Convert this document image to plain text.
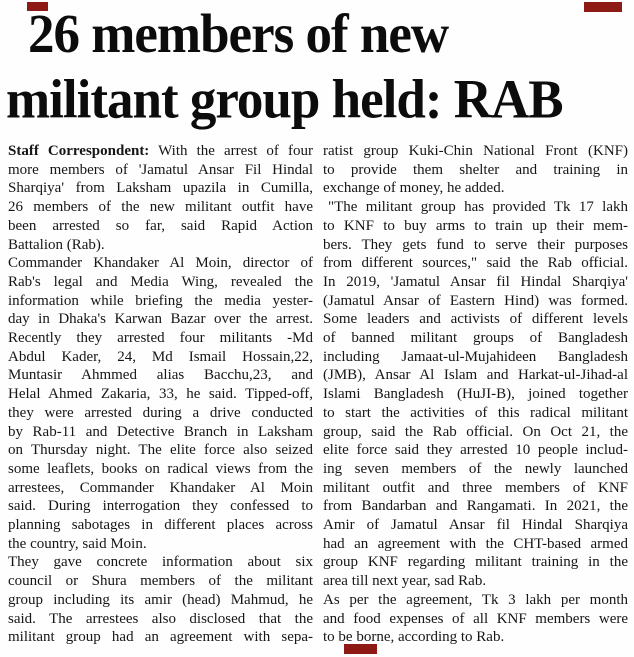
26 members of new
militant group held: RAB
Staff Correspondent: With the arrest of four
more members of 'Jamatul Ansar Fil Hindal
Sharqiya' from Laksham upazila in Cumilla,
26 members of the new militant outfit have
been arrested so far, said Rapid Action
Battalion (Rab).
Commander Khandaker Al Moin, director of
Rab's legal and Media Wing, revealed the
information while briefing the media yester-
day in Dhaka's Karwan Bazar over the arrest.
Recently they arrested four militants -Md
Abdul Kader, 24, Md Ismail Hossain,22,
Muntasir Ahmmed alias Bacchu,23, and
Helal Ahmed Zakaria, 33, he said. Tipped-off,
they were arrested during a drive conducted
by Rab-11 and Detective Branch in Laksham
on Thursday night. The elite force also seized
some leaflets, books on radical views from the
arrestees, Commander Khandaker Al Moin
said. During interrogation they confessed to
planning sabotages in different places across
the country, said Moin.
They gave concrete information about six
council or Shura members of the militant
group including its amir (head) Mahmud, he
said. The arrestees also disclosed that the
militant group had an agreement with sepa-
ratist group Kuki-Chin National Front (KNF)
to provide them shelter and training in
exchange of money, he added.
"The militant group has provided Tk 17 lakh
to KNF to buy arms to train up their mem-
bers. They gets fund to serve their purposes
from different sources," said the Rab official.
In 2019, 'Jamatul Ansar fil Hindal Sharqiya'
(Jamatul Ansar of Eastern Hind) was formed.
Some leaders and activists of different levels
of banned militant groups of Bangladesh
including Jamaat-ul-Mujahideen Bangladesh
(JMB), Ansar Al Islam and Harkat-ul-Jihad-al
Islami Bangladesh (HuJI-B), joined together
to start the activities of this radical militant
group, said the Rab official. On Oct 21, the
elite force said they arrested 10 people includ-
ing seven members of the newly launched
militant outfit and three members of KNF
from Bandarban and Rangamati. In 2021, the
Amir of Jamatul Ansar fil Hindal Sharqiya
had an agreement with the CHT-based armed
group KNF regarding militant training in the
area till next year, sad Rab.
As per the agreement, Tk 3 lakh per month
and food expenses of all KNF members were
to be borne, according to Rab.
